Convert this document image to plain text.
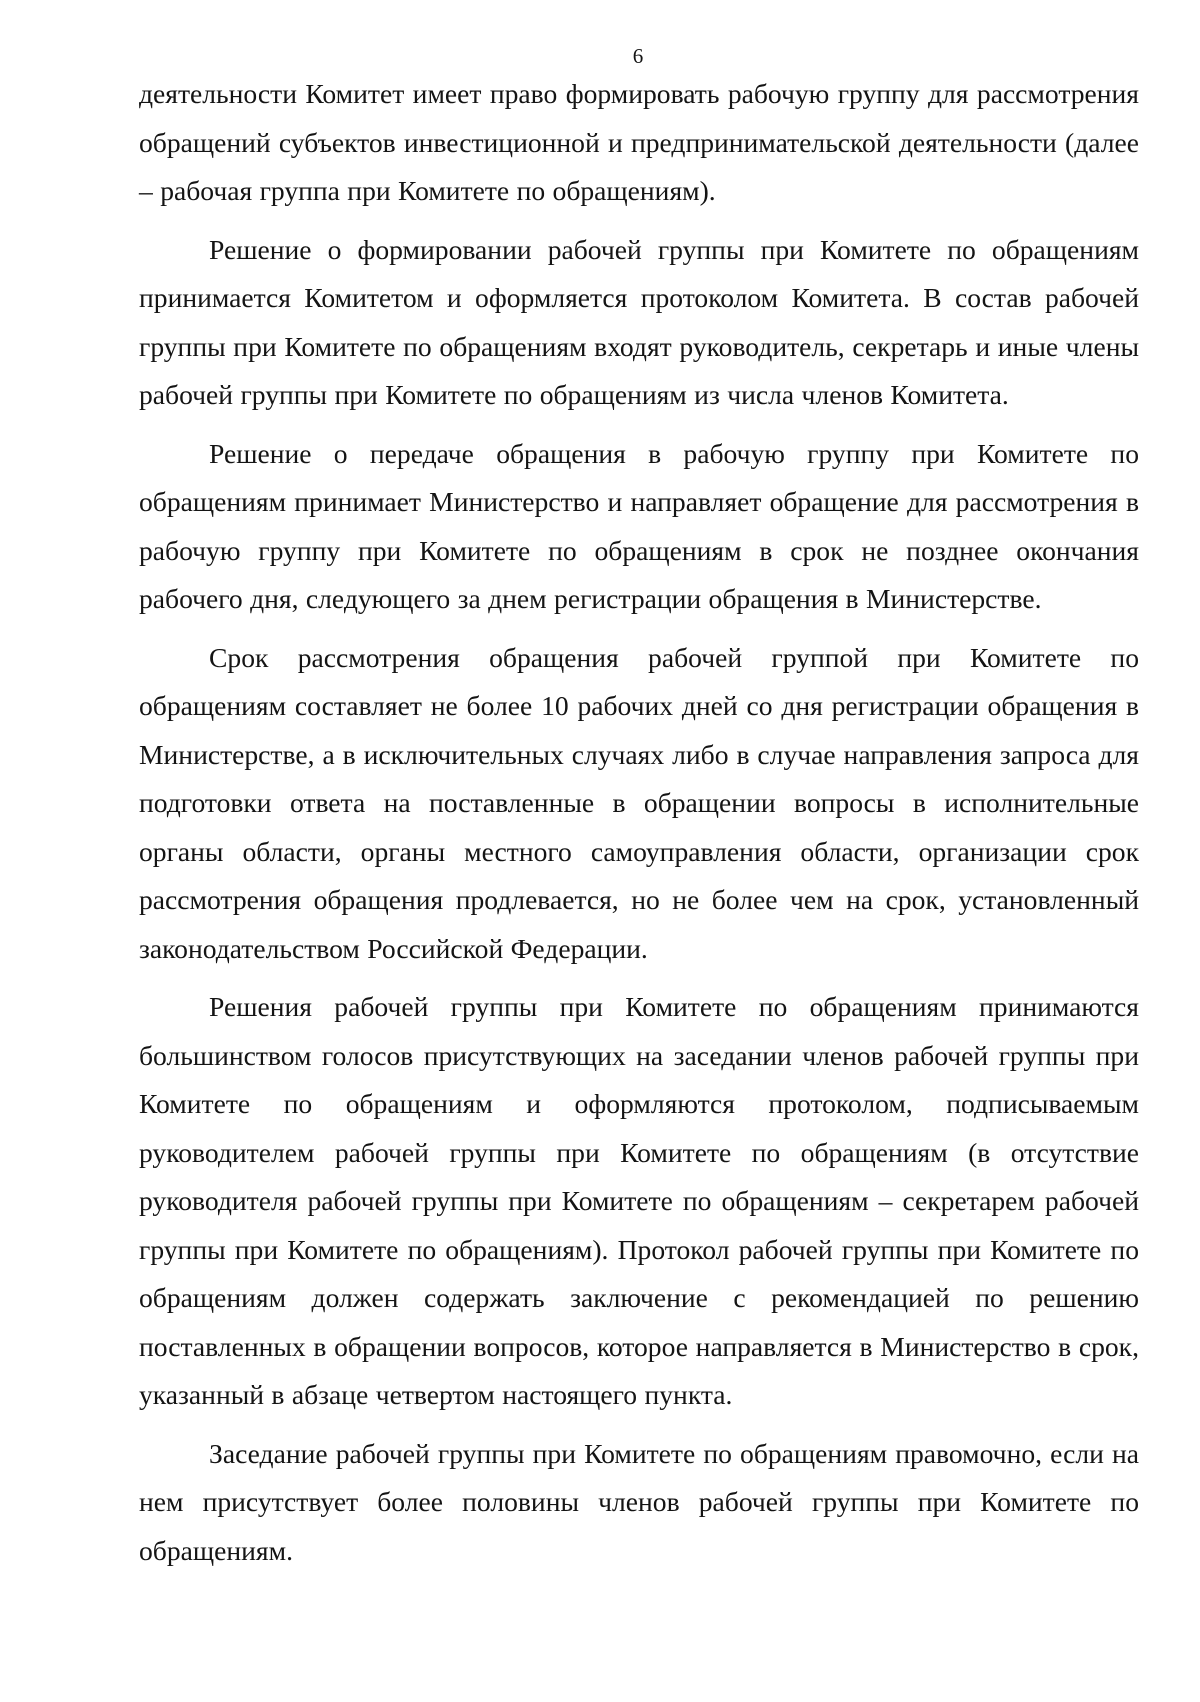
6

деятельности Комитет имеет право формировать рабочую группу для рассмотрения обращений субъектов инвестиционной и предпринимательской деятельности (далее – рабочая группа при Комитете по обращениям).

Решение о формировании рабочей группы при Комитете по обращениям принимается Комитетом и оформляется протоколом Комитета. В состав рабочей группы при Комитете по обращениям входят руководитель, секретарь и иные члены рабочей группы при Комитете по обращениям из числа членов Комитета.

Решение о передаче обращения в рабочую группу при Комитете по обращениям принимает Министерство и направляет обращение для рассмотрения в рабочую группу при Комитете по обращениям в срок не позднее окончания рабочего дня, следующего за днем регистрации обращения в Министерстве.

Срок рассмотрения обращения рабочей группой при Комитете по обращениям составляет не более 10 рабочих дней со дня регистрации обращения в Министерстве, а в исключительных случаях либо в случае направления запроса для подготовки ответа на поставленные в обращении вопросы в исполнительные органы области, органы местного самоуправления области, организации срок рассмотрения обращения продлевается, но не более чем на срок, установленный законодательством Российской Федерации.

Решения рабочей группы при Комитете по обращениям принимаются большинством голосов присутствующих на заседании членов рабочей группы при Комитете по обращениям и оформляются протоколом, подписываемым руководителем рабочей группы при Комитете по обращениям (в отсутствие руководителя рабочей группы при Комитете по обращениям – секретарем рабочей группы при Комитете по обращениям). Протокол рабочей группы при Комитете по обращениям должен содержать заключение с рекомендацией по решению поставленных в обращении вопросов, которое направляется в Министерство в срок, указанный в абзаце четвертом настоящего пункта.

Заседание рабочей группы при Комитете по обращениям правомочно, если на нем присутствует более половины членов рабочей группы при Комитете по обращениям.
